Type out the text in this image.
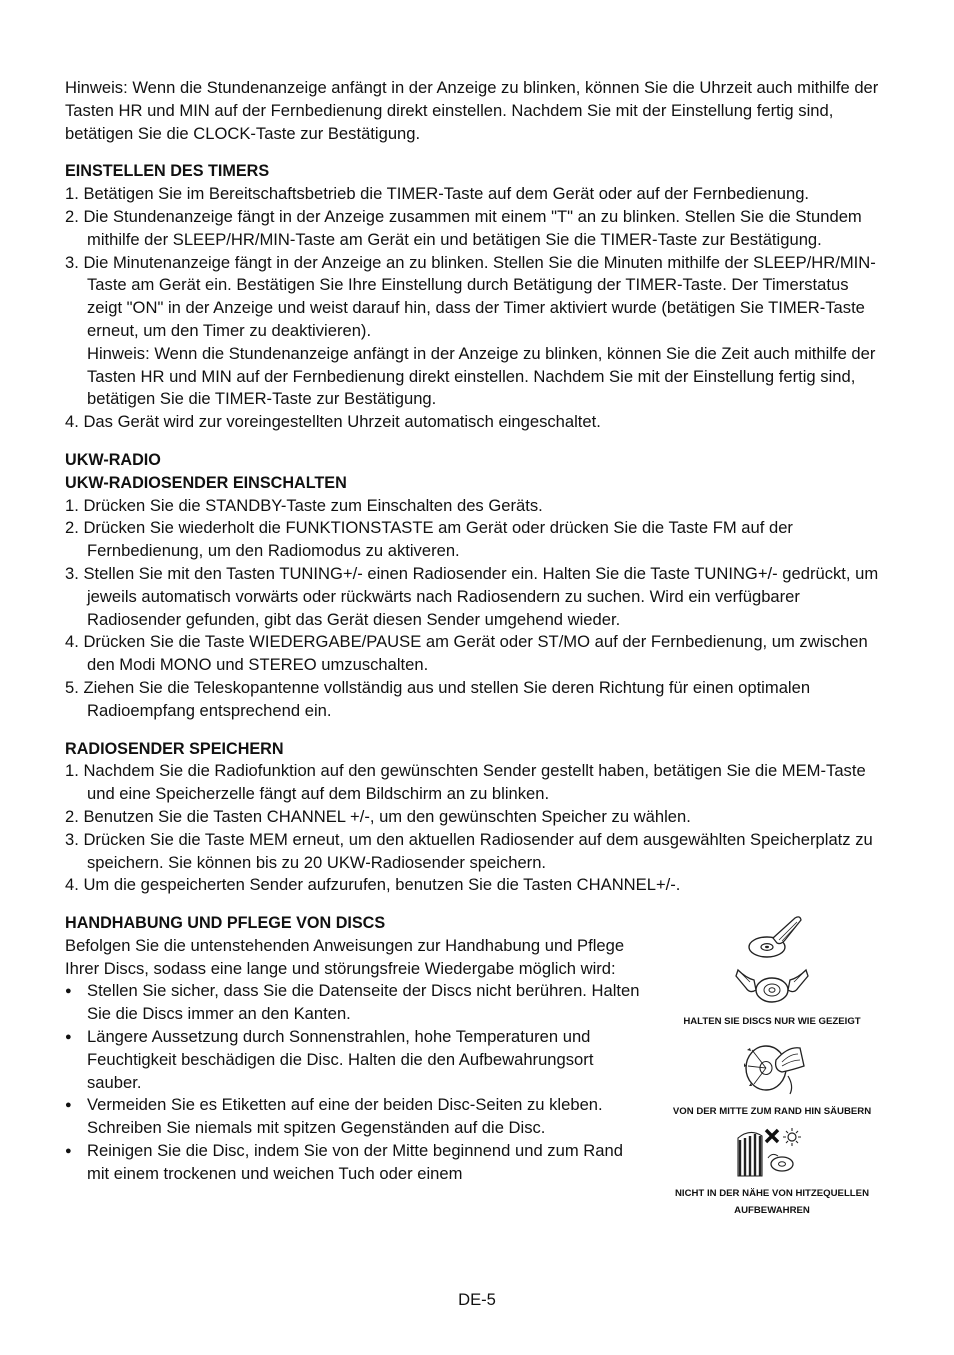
Hinweis: Wenn die Stundenanzeige anfängt in der Anzeige zu blinken, können Sie die Uhrzeit auch mithilfe der Tasten HR und MIN auf der Fernbedienung direkt einstellen. Nachdem Sie mit der Einstellung fertig sind, betätigen Sie die CLOCK-Taste zur Bestätigung.

EINSTELLEN DES TIMERS
1. Betätigen Sie im Bereitschaftsbetrieb die TIMER-Taste auf dem Gerät oder auf der Fernbedienung.
2. Die Stundenanzeige fängt in der Anzeige zusammen mit einem "T" an zu blinken. Stellen Sie die Stundem mithilfe der SLEEP/HR/MIN-Taste am Gerät ein und betätigen Sie die TIMER-Taste zur Bestätigung.
3. Die Minutenanzeige fängt in der Anzeige an zu blinken. Stellen Sie die Minuten mithilfe der SLEEP/HR/MIN-Taste am Gerät ein. Bestätigen Sie Ihre Einstellung durch Betätigung der TIMER-Taste. Der Timerstatus zeigt "ON" in der Anzeige und weist darauf hin, dass der Timer aktiviert wurde (betätigen Sie TIMER-Taste erneut, um den Timer zu deaktivieren).
Hinweis: Wenn die Stundenanzeige anfängt in der Anzeige zu blinken, können Sie die Zeit auch mithilfe der Tasten HR und MIN auf der Fernbedienung direkt einstellen. Nachdem Sie mit der Einstellung fertig sind, betätigen Sie die TIMER-Taste zur Bestätigung.
4. Das Gerät wird zur voreingestellten Uhrzeit automatisch eingeschaltet.
UKW-RADIO
UKW-RADIOSENDER EINSCHALTEN
1. Drücken Sie die STANDBY-Taste zum Einschalten des Geräts.
2. Drücken Sie wiederholt die FUNKTIONSTASTE am Gerät oder drücken Sie die Taste FM auf der Fernbedienung, um den Radiomodus zu aktiveren.
3. Stellen Sie mit den Tasten TUNING+/- einen Radiosender ein. Halten Sie die Taste TUNING+/- gedrückt, um jeweils automatisch vorwärts oder rückwärts nach Radiosendern zu suchen. Wird ein verfügbarer Radiosender gefunden, gibt das Gerät diesen Sender umgehend wieder.
4. Drücken Sie die Taste WIEDERGABE/PAUSE am Gerät oder ST/MO auf der Fernbedienung, um zwischen den Modi MONO und STEREO umzuschalten.
5. Ziehen Sie die Teleskopantenne vollständig aus und stellen Sie deren Richtung für einen optimalen Radioempfang entsprechend ein.
RADIOSENDER SPEICHERN
1. Nachdem Sie die Radiofunktion auf den gewünschten Sender gestellt haben, betätigen Sie die MEM-Taste und eine Speicherzelle fängt auf dem Bildschirm an zu blinken.
2. Benutzen Sie die Tasten CHANNEL +/-, um den gewünschten Speicher zu wählen.
3. Drücken Sie die Taste MEM erneut, um den aktuellen Radiosender auf dem ausgewählten Speicherplatz zu speichern. Sie können bis zu 20 UKW-Radiosender speichern.
4. Um die gespeicherten Sender aufzurufen, benutzen Sie die Tasten CHANNEL+/-.
HANDHABUNG UND PFLEGE VON DISCS

Befolgen Sie die untenstehenden Anweisungen zur Handhabung und Pflege Ihrer Discs, sodass eine lange und störungsfreie Wiedergabe möglich wird:

● Stellen Sie sicher, dass Sie die Datenseite der Discs nicht berühren. Halten Sie die Discs immer an den Kanten.
● Längere Aussetzung durch Sonnenstrahlen, hohe Temperaturen und Feuchtigkeit beschädigen die Disc. Halten die den Aufbewahrungsort sauber.
● Vermeiden Sie es Etiketten auf eine der beiden Disc-Seiten zu kleben. Schreiben Sie niemals mit spitzen Gegenständen auf die Disc.
● Reinigen Sie die Disc, indem Sie von der Mitte beginnend und zum Rand mit einem trockenen und weichen Tuch oder einem
HALTEN SIE DISCS NUR WIE GEZEIGT
VON DER MITTE ZUM RAND HIN SÄUBERN
NICHT IN DER NÄHE VON HITZEQUELLEN AUFBEWAHREN
DE-5
